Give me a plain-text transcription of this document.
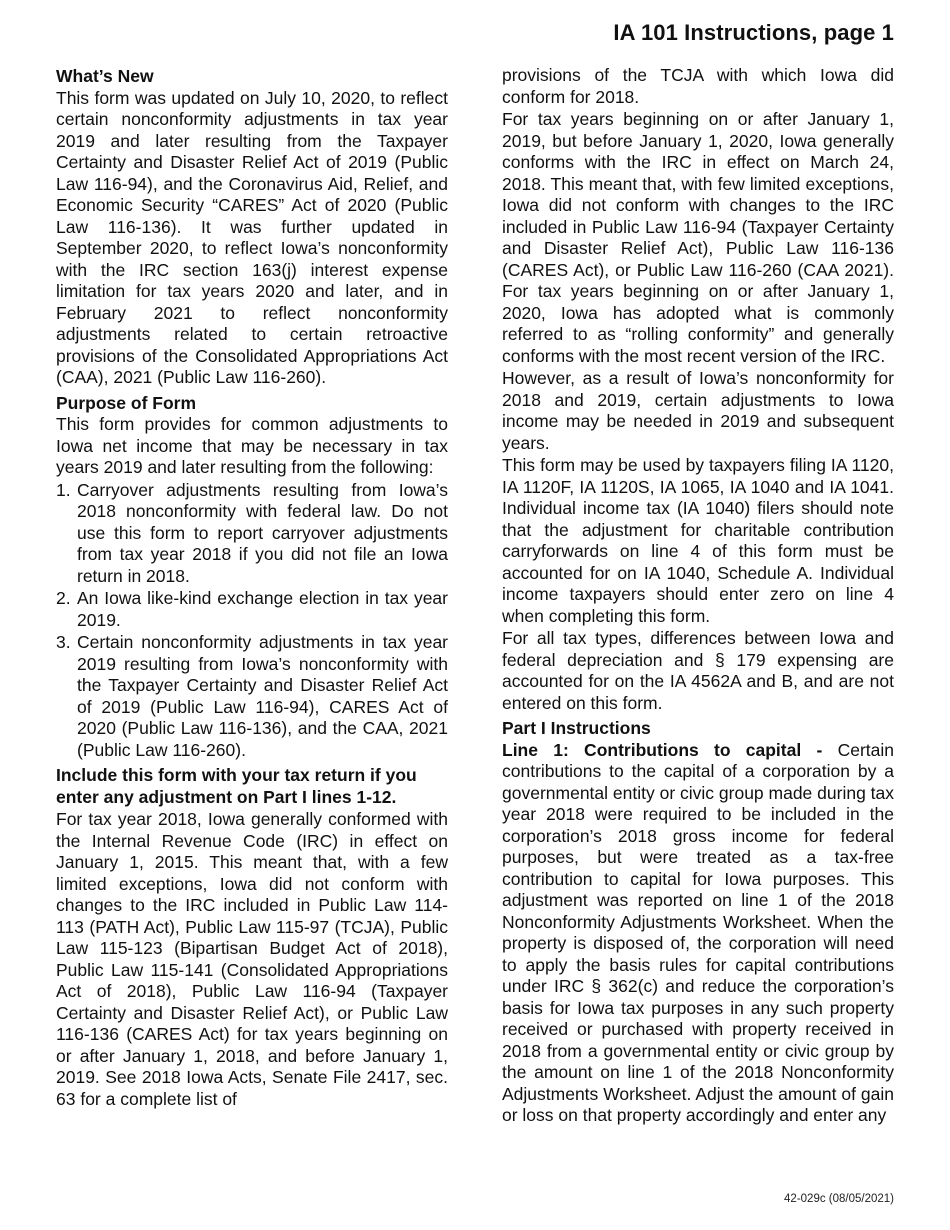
IA 101 Instructions, page 1
What’s New

This form was updated on July 10, 2020, to reflect certain nonconformity adjustments in tax year 2019 and later resulting from the Taxpayer Certainty and Disaster Relief Act of 2019 (Public Law 116-94), and the Coronavirus Aid, Relief, and Economic Security “CARES” Act of 2020 (Public Law 116-136). It was further updated in September 2020, to reflect Iowa’s nonconformity with the IRC section 163(j) interest expense limitation for tax years 2020 and later, and in February 2021 to reflect nonconformity adjustments related to certain retroactive provisions of the Consolidated Appropriations Act (CAA), 2021 (Public Law 116-260).

Purpose of Form

This form provides for common adjustments to Iowa net income that may be necessary in tax years 2019 and later resulting from the following:

1. Carryover adjustments resulting from Iowa’s 2018 nonconformity with federal law. Do not use this form to report carryover adjustments from tax year 2018 if you did not file an Iowa return in 2018.
2. An Iowa like-kind exchange election in tax year 2019.
3. Certain nonconformity adjustments in tax year 2019 resulting from Iowa’s nonconformity with the Taxpayer Certainty and Disaster Relief Act of 2019 (Public Law 116-94), CARES Act of 2020 (Public Law 116-136), and the CAA, 2021 (Public Law 116-260).

Include this form with your tax return if you enter any adjustment on Part I lines 1-12.

For tax year 2018, Iowa generally conformed with the Internal Revenue Code (IRC) in effect on January 1, 2015. This meant that, with a few limited exceptions, Iowa did not conform with changes to the IRC included in Public Law 114-113 (PATH Act), Public Law 115-97 (TCJA), Public Law 115-123 (Bipartisan Budget Act of 2018), Public Law 115-141 (Consolidated Appropriations Act of 2018), Public Law 116-94 (Taxpayer Certainty and Disaster Relief Act), or Public Law 116-136 (CARES Act) for tax years beginning on or after January 1, 2018, and before January 1, 2019. See 2018 Iowa Acts, Senate File 2417, sec. 63 for a complete list of

provisions of the TCJA with which Iowa did conform for 2018.

For tax years beginning on or after January 1, 2019, but before January 1, 2020, Iowa generally conforms with the IRC in effect on March 24, 2018. This meant that, with few limited exceptions, Iowa did not conform with changes to the IRC included in Public Law 116-94 (Taxpayer Certainty and Disaster Relief Act), Public Law 116-136 (CARES Act), or Public Law 116-260 (CAA 2021). For tax years beginning on or after January 1, 2020, Iowa has adopted what is commonly referred to as “rolling conformity” and generally conforms with the most recent version of the IRC.

However, as a result of Iowa’s nonconformity for 2018 and 2019, certain adjustments to Iowa income may be needed in 2019 and subsequent years.

This form may be used by taxpayers filing IA 1120, IA 1120F, IA 1120S, IA 1065, IA 1040 and IA 1041. Individual income tax (IA 1040) filers should note that the adjustment for charitable contribution carryforwards on line 4 of this form must be accounted for on IA 1040, Schedule A. Individual income taxpayers should enter zero on line 4 when completing this form.

For all tax types, differences between Iowa and federal depreciation and § 179 expensing are accounted for on the IA 4562A and B, and are not entered on this form.

Part I Instructions

Line 1: Contributions to capital - Certain contributions to the capital of a corporation by a governmental entity or civic group made during tax year 2018 were required to be included in the corporation’s 2018 gross income for federal purposes, but were treated as a tax-free contribution to capital for Iowa purposes. This adjustment was reported on line 1 of the 2018 Nonconformity Adjustments Worksheet. When the property is disposed of, the corporation will need to apply the basis rules for capital contributions under IRC § 362(c) and reduce the corporation’s basis for Iowa tax purposes in any such property received or purchased with property received in 2018 from a governmental entity or civic group by the amount on line 1 of the 2018 Nonconformity Adjustments Worksheet. Adjust the amount of gain or loss on that property accordingly and enter any

42-029c (08/05/2021)
